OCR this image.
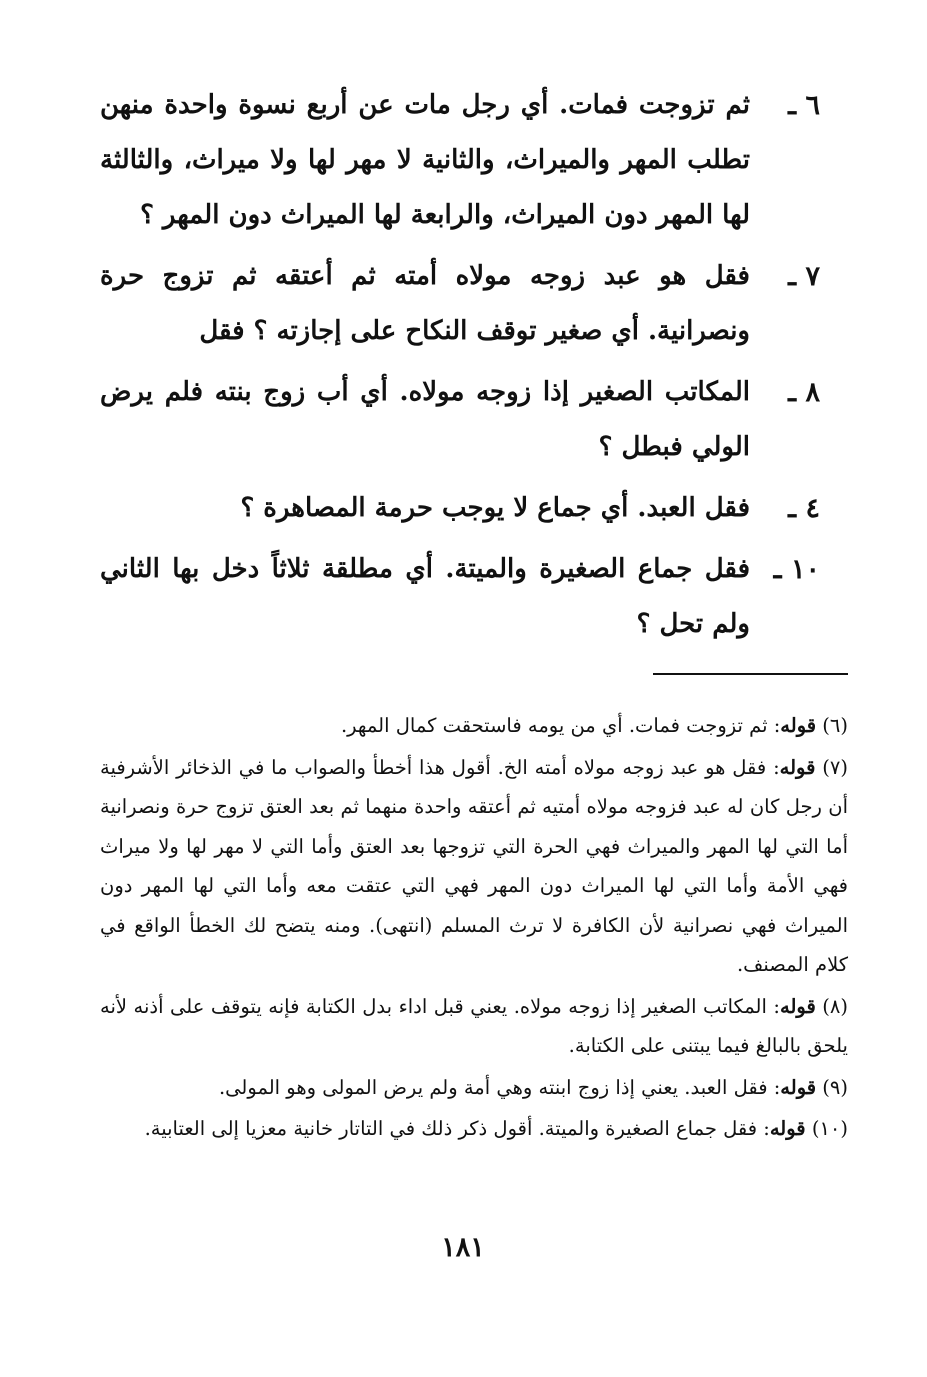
٦ ـ
ثم تزوجت فمات. أي رجل مات عن أربع نسوة واحدة منهن تطلب المهر والميراث، والثانية لا مهر لها ولا ميراث، والثالثة لها المهر دون الميراث، والرابعة لها الميراث دون المهر ؟
٧ ـ
فقل هو عبد زوجه مولاه أمته ثم أعتقه ثم تزوج حرة ونصرانية. أي صغير توقف النكاح على إجازته ؟ فقل
٨ ـ
المكاتب الصغير إذا زوجه مولاه. أي أب زوج بنته فلم يرض الولي فبطل ؟
٤ ـ
فقل العبد. أي جماع لا يوجب حرمة المصاهرة ؟
١٠ ـ
فقل جماع الصغيرة والميتة. أي مطلقة ثلاثاً دخل بها الثاني ولم تحل ؟

(٦) قوله: ثم تزوجت فمات. أي من يومه فاستحقت كمال المهر.

(٧) قوله: فقل هو عبد زوجه مولاه أمته الخ. أقول هذا أخطأ والصواب ما في الذخائر الأشرفية أن رجل كان له عبد فزوجه مولاه أمتيه ثم أعتقه واحدة منهما ثم بعد العتق تزوج حرة ونصرانية أما التي لها المهر والميراث فهي الحرة التي تزوجها بعد العتق وأما التي لا مهر لها ولا ميراث فهي الأمة وأما التي لها الميراث دون المهر فهي التي عتقت معه وأما التي لها المهر دون الميراث فهي نصرانية لأن الكافرة لا ترث المسلم (انتهى). ومنه يتضح لك الخطأ الواقع في كلام المصنف.

(٨) قوله: المكاتب الصغير إذا زوجه مولاه. يعني قبل اداء بدل الكتابة فإنه يتوقف على أذنه لأنه يلحق بالبالغ فيما يبتنى على الكتابة.

(٩) قوله: فقل العبد. يعني إذا زوج ابنته وهي أمة ولم يرض المولى وهو المولى.

(١٠) قوله: فقل جماع الصغيرة والميتة. أقول ذكر ذلك في التاتار خانية معزيا إلى العتابية.

١٨١
